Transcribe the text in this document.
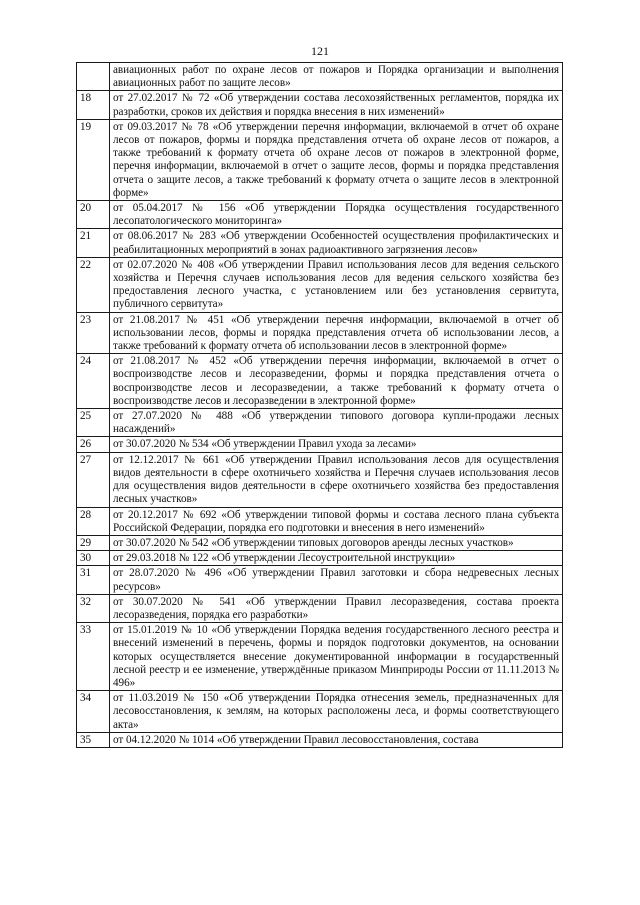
121
	авиационных работ по охране лесов от пожаров и Порядка организации и выполнения авиационных работ по защите лесов»
18	от 27.02.2017 № 72 «Об утверждении состава лесохозяйственных регламентов, порядка их разработки, сроков их действия и порядка внесения в них изменений»
19	от 09.03.2017 № 78 «Об утверждении перечня информации, включаемой в отчет об охране лесов от пожаров, формы и порядка представления отчета об охране лесов от пожаров, а также требований к формату отчета об охране лесов от пожаров в электронной форме, перечня информации, включаемой в отчет о защите лесов, формы и порядка представления отчета о защите лесов, а также требований к формату отчета о защите лесов в электронной форме»
20	от 05.04.2017 № 156 «Об утверждении Порядка осуществления государственного лесопатологического мониторинга»
21	от 08.06.2017 № 283 «Об утверждении Особенностей осуществления профилактических и реабилитационных мероприятий в зонах радиоактивного загрязнения лесов»
22	от 02.07.2020 № 408 «Об утверждении Правил использования лесов для ведения сельского хозяйства и Перечня случаев использования лесов для ведения сельского хозяйства без предоставления лесного участка, с установлением или без установления сервитута, публичного сервитута»
23	от 21.08.2017 № 451 «Об утверждении перечня информации, включаемой в отчет об использовании лесов, формы и порядка представления отчета об использовании лесов, а также требований к формату отчета об использовании лесов в электронной форме»
24	от 21.08.2017 № 452 «Об утверждении перечня информации, включаемой в отчет о воспроизводстве лесов и лесоразведении, формы и порядка представления отчета о воспроизводстве лесов и лесоразведении, а также требований к формату отчета о воспроизводстве лесов и лесоразведении в электронной форме»
25	от 27.07.2020 № 488 «Об утверждении типового договора купли-продажи лесных насаждений»
26	от 30.07.2020 № 534 «Об утверждении Правил ухода за лесами»
27	от 12.12.2017 № 661 «Об утверждении Правил использования лесов для осуществления видов деятельности в сфере охотничьего хозяйства и Перечня случаев использования лесов для осуществления видов деятельности в сфере охотничьего хозяйства без предоставления лесных участков»
28	от 20.12.2017 № 692 «Об утверждении типовой формы и состава лесного плана субъекта Российской Федерации, порядка его подготовки и внесения в него изменений»
29	от 30.07.2020 № 542 «Об утверждении типовых договоров аренды лесных участков»
30	от 29.03.2018 № 122 «Об утверждении Лесоустроительной инструкции»
31	от 28.07.2020 № 496 «Об утверждении Правил заготовки и сбора недревесных лесных ресурсов»
32	от 30.07.2020 № 541 «Об утверждении Правил лесоразведения, состава проекта лесоразведения, порядка его разработки»
33	от 15.01.2019 № 10 «Об утверждении Порядка ведения государственного лесного реестра и внесений изменений в перечень, формы и порядок подготовки документов, на основании которых осуществляется внесение документированной информации в государственный лесной реестр и ее изменение, утверждённые приказом Минприроды России от 11.11.2013 № 496»
34	от 11.03.2019 № 150 «Об утверждении Порядка отнесения земель, предназначенных для лесовосстановления, к землям, на которых расположены леса, и формы соответствующего акта»
35	от 04.12.2020 № 1014 «Об утверждении Правил лесовосстановления, состава
